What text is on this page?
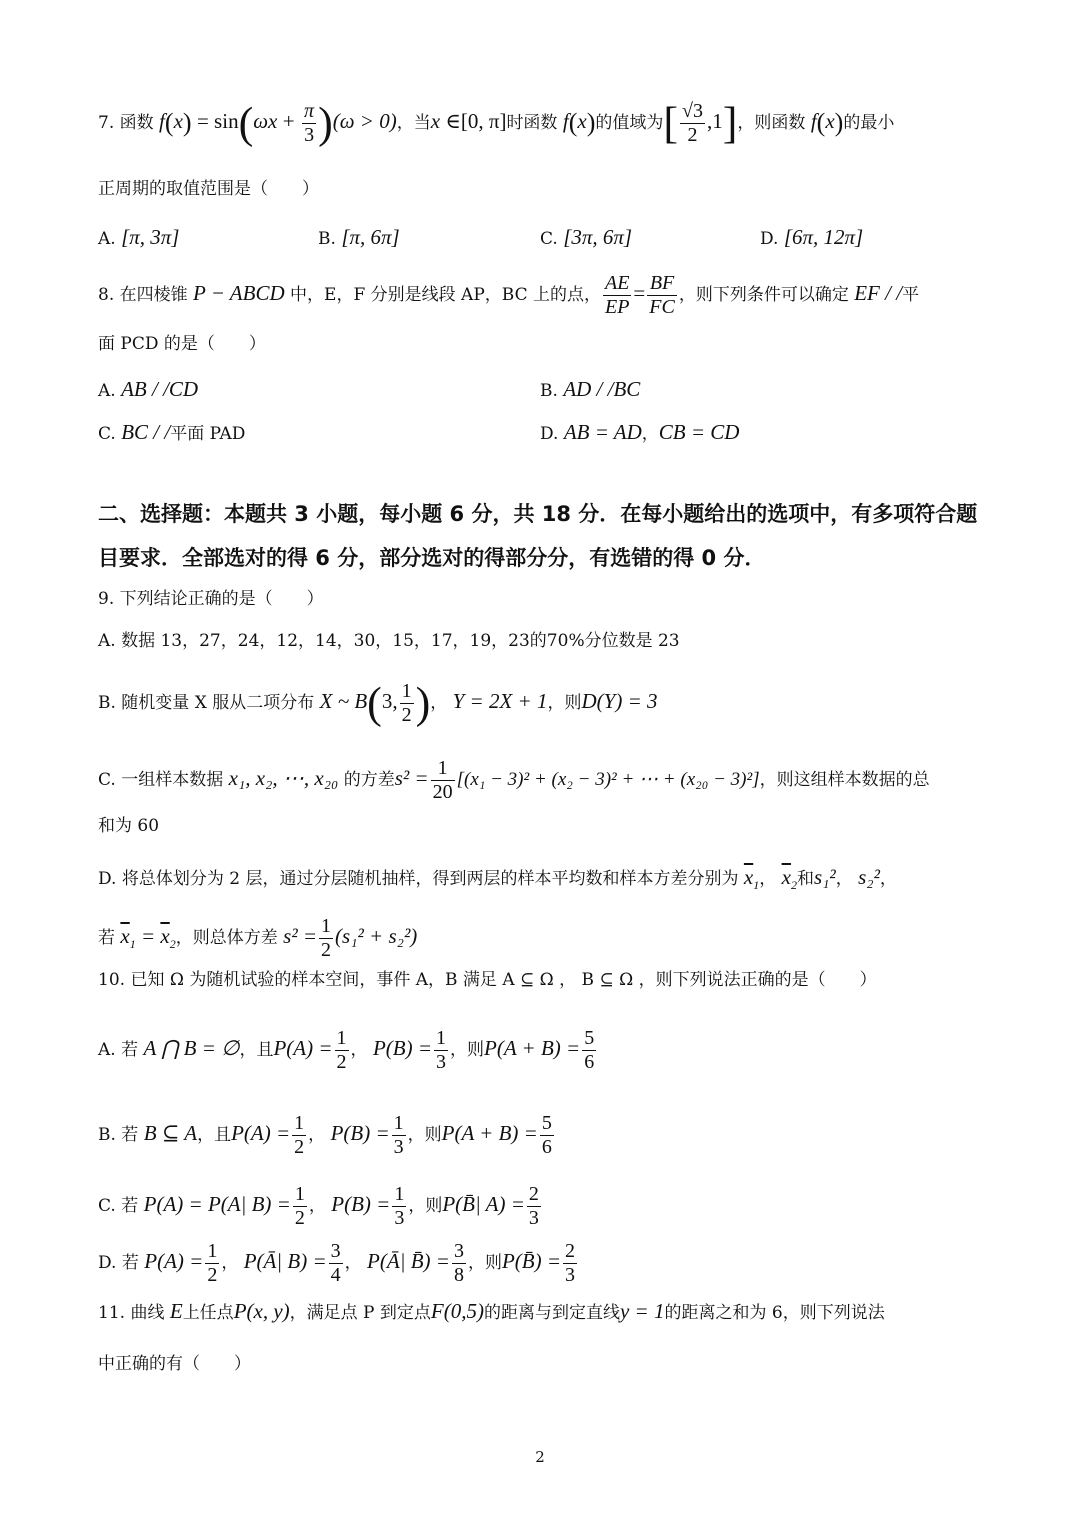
7. 函数 $f(x) = \sin(\omega x + \frac{\pi}{3} )(\omega > 0)$，当x ∈[0, π]时函数 f(x)的值域为[ $\frac{√3}{2} ,1$]，则函数 f(x)的最小
正周期的取值范围是（　　）
A. [π, 3π]	B. [π, 6π]	C. [3π, 6π]	D. [6π, 12π]
8. 在四棱锥 P − ABCD 中，E，F 分别是线段 AP，BC 上的点， $\frac{AE}{EP} = \frac{BF}{FC}$ ，则下列条件可以确定 EF / /平
面 PCD 的是（　　）
A. AB / /CD	B. AD / /BC
C. BC / /平面 PAD	D. AB = AD，CB = CD
二、选择题：本题共 3 小题，每小题 6 分，共 18 分．在每小题给出的选项中，有多项符合题
目要求．全部选对的得 6 分，部分选对的得部分分，有选错的得 0 分．
9. 下列结论正确的是（　　）
A. 数据 13，27，24，12，14，30，15，17，19，23的70%分位数是 23
B. 随机变量 X 服从二项分布 X ~ B(3, $\frac{1}{2}$ )， Y = 2X + 1，则D(Y) = 3
C. 一组样本数据 x₁, x₂, ⋯, x₂₀ 的方差$s^2 = \frac{1}{20} [(x_1 - 3)^2 + (x_2 - 3)^2$ + ⋯ + (x₂₀ − 3)²]，则这组样本数据的总
和为 60
D. 将总体划分为 2 层，通过分层随机抽样，得到两层的样本平均数和样本方差分别为 $\overline{x}_1$， $\overline{x}_2$和s₁²， s₂²，
若 $\overline{x}_1 = \overline{x}_2$，则总体方差 $s^2 = \frac{1}{2} (s_1^2 + s_2^2)$
10. 已知 Ω 为随机试验的样本空间，事件 A，B 满足 A ⊆ Ω ， B ⊆ Ω ，则下列说法正确的是（　　）
A. 若 A ⋂ B = ∅，且$P(A) = \frac{1}{2}$ ， $P(B) = \frac{1}{3}$ ，则$P(A + B) = \frac{5}{6}$
B. 若 B ⊆ A，且$P(A) = \frac{1}{2}$ ， $P(B) = \frac{1}{3}$ ，则$P(A + B) = \frac{5}{6}$
C. 若 P(A) = P(A| $B) = \frac{1}{2}$ ， $P(B) = \frac{1}{3}$ ，则P(B̄| $A) = \frac{2}{3}$
D. 若 $P(A) = \frac{1}{2}$ ， P(Ā| $B) = \frac{3}{4}$ ， P(Ā| B̄) = $\frac{3}{8}$ ，则P(B̄) = $\frac{2}{3}$
11. 曲线 E上任点P(x, y)，满足点 P 到定点F(0,5)的距离与到定直线y = 1的距离之和为 6，则下列说法
中正确的有（　　）
2
